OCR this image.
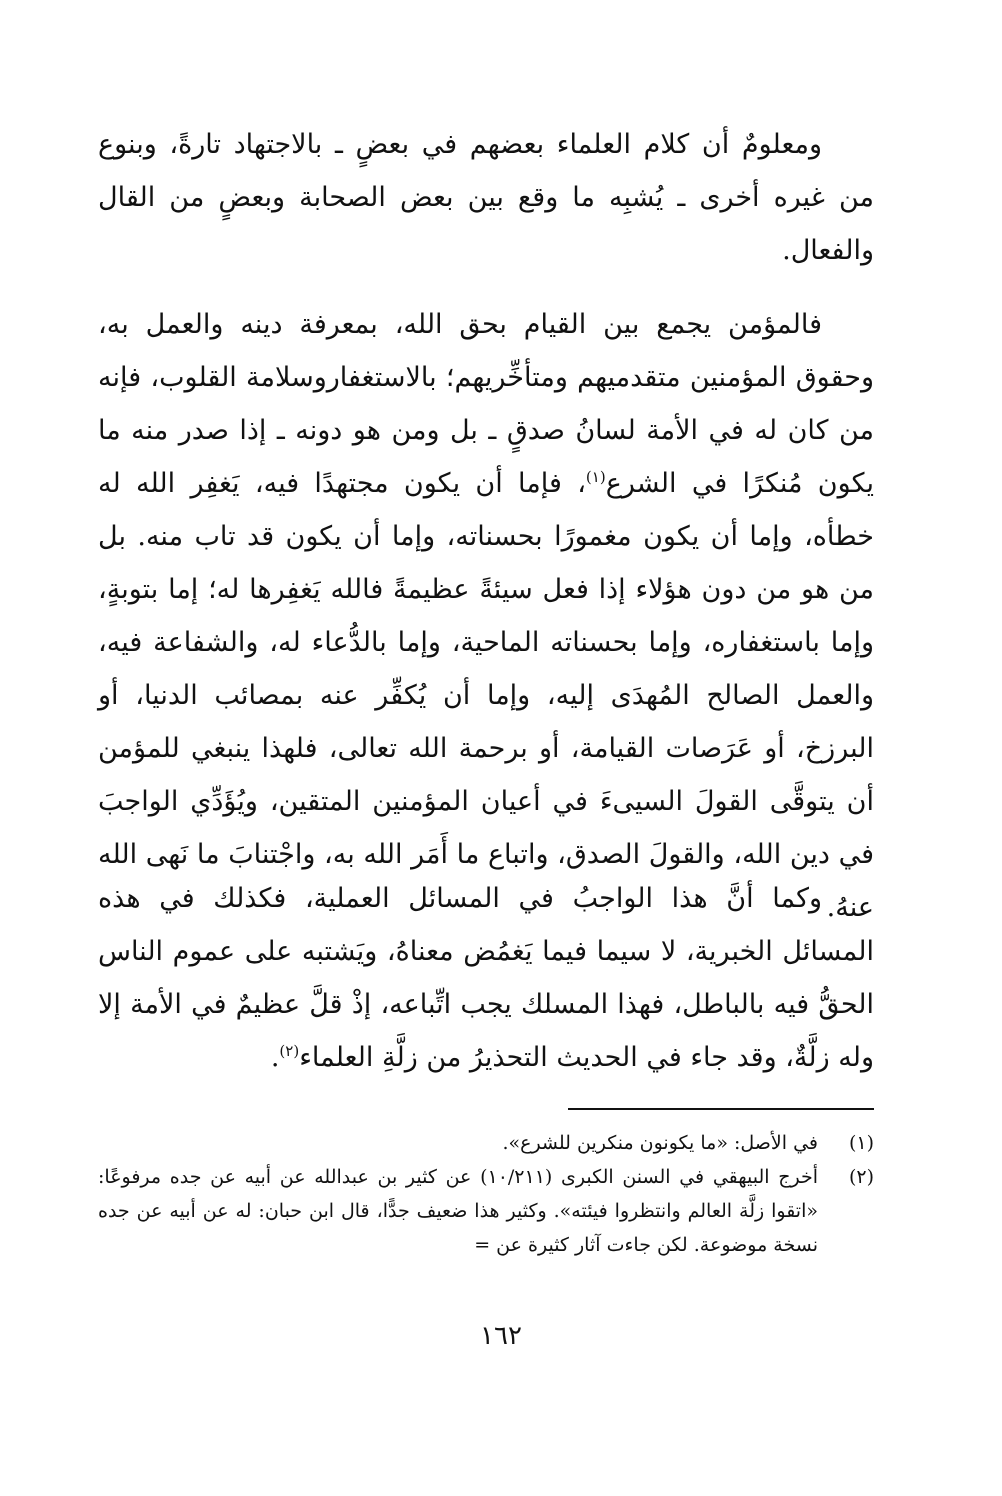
ومعلومٌ أن كلام العلماء بعضهم في بعضٍ ـ بالاجتهاد تارةً، وبنوع من غيره أخرى ـ يُشبِه ما وقع بين بعض الصحابة وبعضٍ من القال والفعال.

فالمؤمن يجمع بين القيام بحق الله، بمعرفة دينه والعمل به، وحقوق المؤمنين متقدميهم ومتأخِّريهم؛ بالاستغفاروسلامة القلوب، فإنه من كان له في الأمة لسانُ صدقٍ ـ بل ومن هو دونه ـ إذا صدر منه ما يكون مُنكرًا في الشرع$^{(١)}$، فإما أن يكون مجتهدًا فيه، يَغفِر الله له خطأه، وإما أن يكون مغمورًا بحسناته، وإما أن يكون قد تاب منه. بل من هو من دون هؤلاء إذا فعل سيئةً عظيمةً فالله يَغفِرها له؛ إما بتوبةٍ، وإما باستغفاره، وإما بحسناته الماحية، وإما بالدُّعاء له، والشفاعة فيه، والعمل الصالح المُهدَى إليه، وإما أن يُكفِّر عنه بمصائب الدنيا، أو البرزخ، أو عَرَصات القيامة، أو برحمة الله تعالى، فلهذا ينبغي للمؤمن أن يتوقَّى القولَ السيىءَ في أعيان المؤمنين المتقين، ويُؤَدِّي الواجبَ في دين الله، والقولَ الصدق، واتباع ما أَمَر الله به، واجْتنابَ ما نَهى الله عنهُ.

وكما أنَّ هذا الواجبُ في المسائل العملية، فكذلك في هذه المسائل الخبرية، لا سيما فيما يَغمُض معناهُ، ويَشتبه على عموم الناس الحقُّ فيه بالباطل، فهذا المسلك يجب اتِّباعه، إذْ قلَّ عظيمٌ في الأمة إلا وله زلَّةٌ، وقد جاء في الحديث التحذيرُ من زلَّةِ العلماء$^{(٢)}$.

(١)
في الأصل: «ما يكونون منكرين للشرع».
(٢)
أخرج البيهقي في السنن الكبرى (١٠/٢١١) عن كثير بن عبدالله عن أبيه عن جده مرفوعًا: «اتقوا زلَّة العالم وانتظروا فيئته». وكثير هذا ضعيف جدًّا، قال ابن حبان: له عن أبيه عن جده نسخة موضوعة. لكن جاءت آثار كثيرة عن =
١٦٢
